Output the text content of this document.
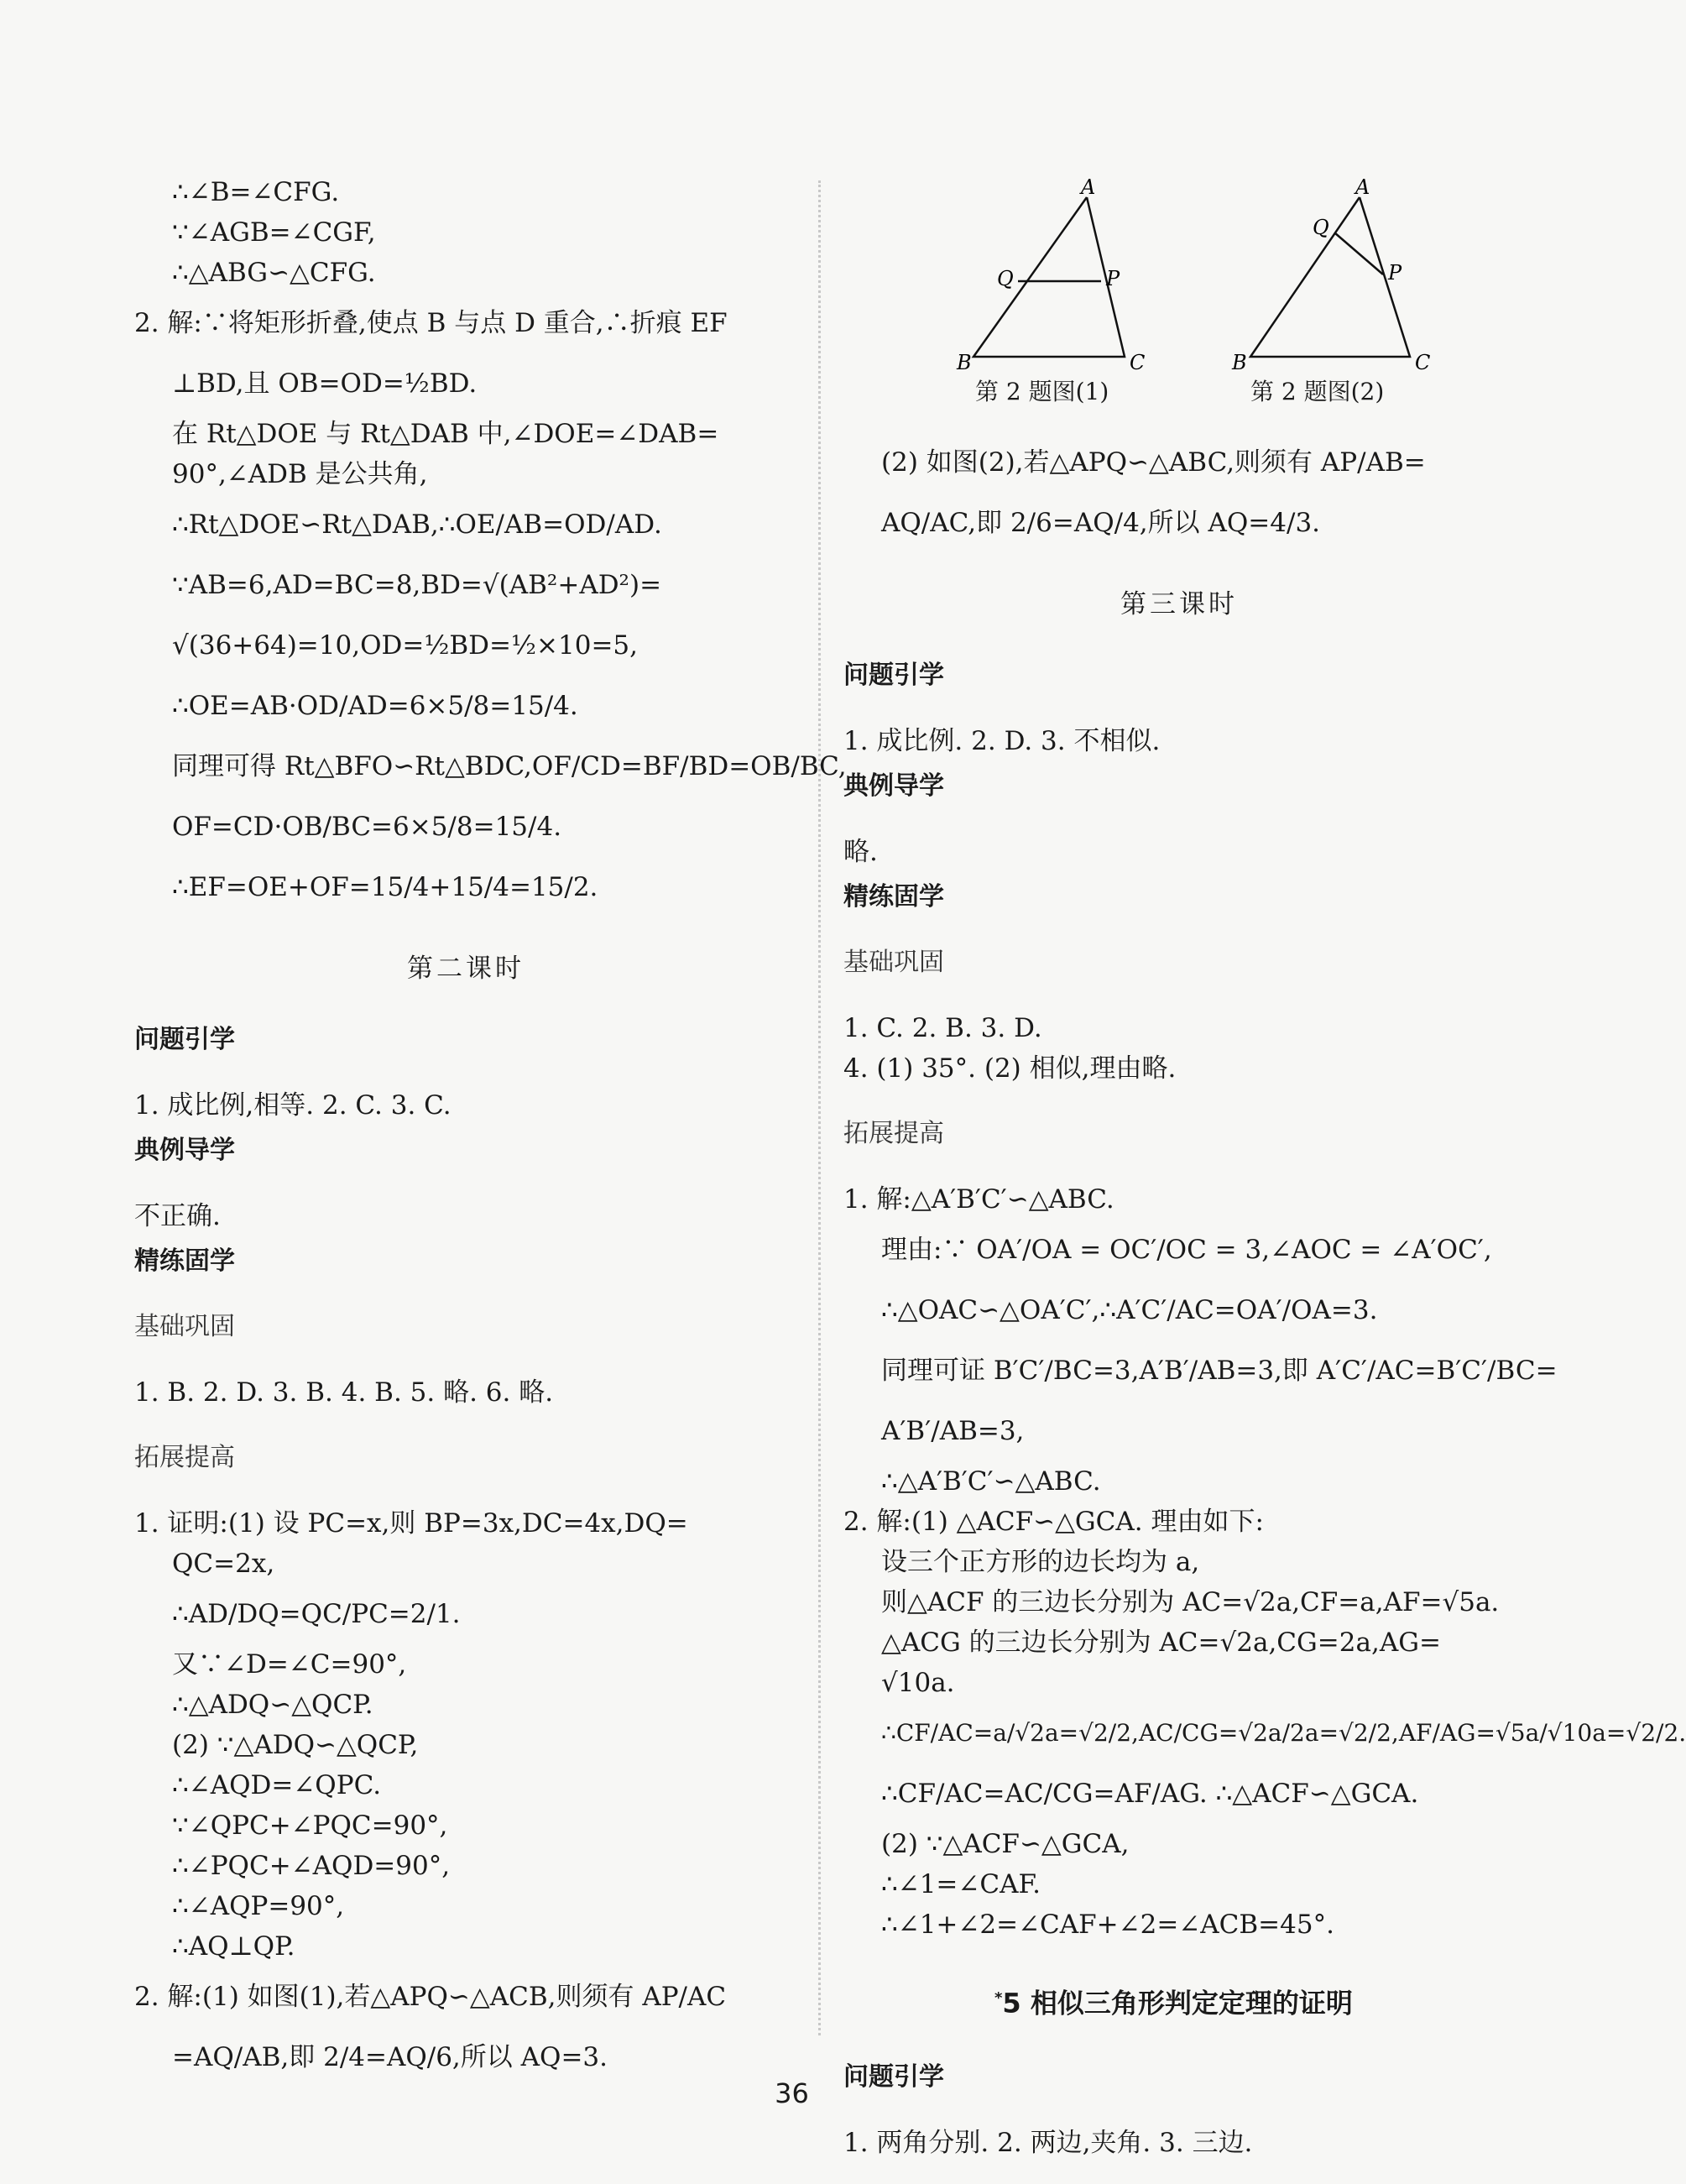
∴∠B=∠CFG.

∵∠AGB=∠CGF,

∴△ABG∽△CFG.

2. 解:∵将矩形折叠,使点 B 与点 D 重合,∴折痕 EF

⊥BD,且 OB=OD=½BD.

在 Rt△DOE 与 Rt△DAB 中,∠DOE=∠DAB=

90°,∠ADB 是公共角,

∴Rt△DOE∽Rt△DAB,∴OE/AB=OD/AD.

∵AB=6,AD=BC=8,BD=√(AB²+AD²)=

√(36+64)=10,OD=½BD=½×10=5,

∴OE=AB·OD/AD=6×5/8=15/4.

同理可得 Rt△BFO∽Rt△BDC,OF/CD=BF/BD=OB/BC,

OF=CD·OB/BC=6×5/8=15/4.

∴EF=OE+OF=15/4+15/4=15/2.

第二课时

问题引学

1. 成比例,相等. 2. C. 3. C.

典例导学

不正确.

精练固学

基础巩固

1. B. 2. D. 3. B. 4. B. 5. 略. 6. 略.

拓展提高

1. 证明:(1) 设 PC=x,则 BP=3x,DC=4x,DQ=

QC=2x,

∴AD/DQ=QC/PC=2/1.

又∵∠D=∠C=90°,

∴△ADQ∽△QCP.

(2) ∵△ADQ∽△QCP,

∴∠AQD=∠QPC.

∵∠QPC+∠PQC=90°,

∴∠PQC+∠AQD=90°,

∴∠AQP=90°,

∴AQ⊥QP.

2. 解:(1) 如图(1),若△APQ∽△ACB,则须有 AP/AC

=AQ/AB,即 2/4=AQ/6,所以 AQ=3.

A
B	C
P
Q
A
B	C
P
Q
第 2 题图(1)	第 2 题图(2)

(2) 如图(2),若△APQ∽△ABC,则须有 AP/AB=

AQ/AC,即 2/6=AQ/4,所以 AQ=4/3.

第三课时

问题引学

1. 成比例. 2. D. 3. 不相似.

典例导学

略.

精练固学

基础巩固

1. C. 2. B. 3. D.

4. (1) 35°. (2) 相似,理由略.

拓展提高

1. 解:△A′B′C′∽△ABC.

理由:∵ OA′/OA = OC′/OC = 3,∠AOC = ∠A′OC′,

∴△OAC∽△OA′C′,∴A′C′/AC=OA′/OA=3.

同理可证 B′C′/BC=3,A′B′/AB=3,即 A′C′/AC=B′C′/BC=

A′B′/AB=3,

∴△A′B′C′∽△ABC.

2. 解:(1) △ACF∽△GCA. 理由如下:

设三个正方形的边长均为 a,

则△ACF 的三边长分别为 AC=√2a,CF=a,AF=√5a.

△ACG 的三边长分别为 AC=√2a,CG=2a,AG=

√10a.

∴CF/AC=a/√2a=√2/2,AC/CG=√2a/2a=√2/2,AF/AG=√5a/√10a=√2/2.

∴CF/AC=AC/CG=AF/AG. ∴△ACF∽△GCA.

(2) ∵△ACF∽△GCA,

∴∠1=∠CAF.

∴∠1+∠2=∠CAF+∠2=∠ACB=45°.

*5 相似三角形判定定理的证明

问题引学

1. 两角分别. 2. 两边,夹角. 3. 三边.

36
